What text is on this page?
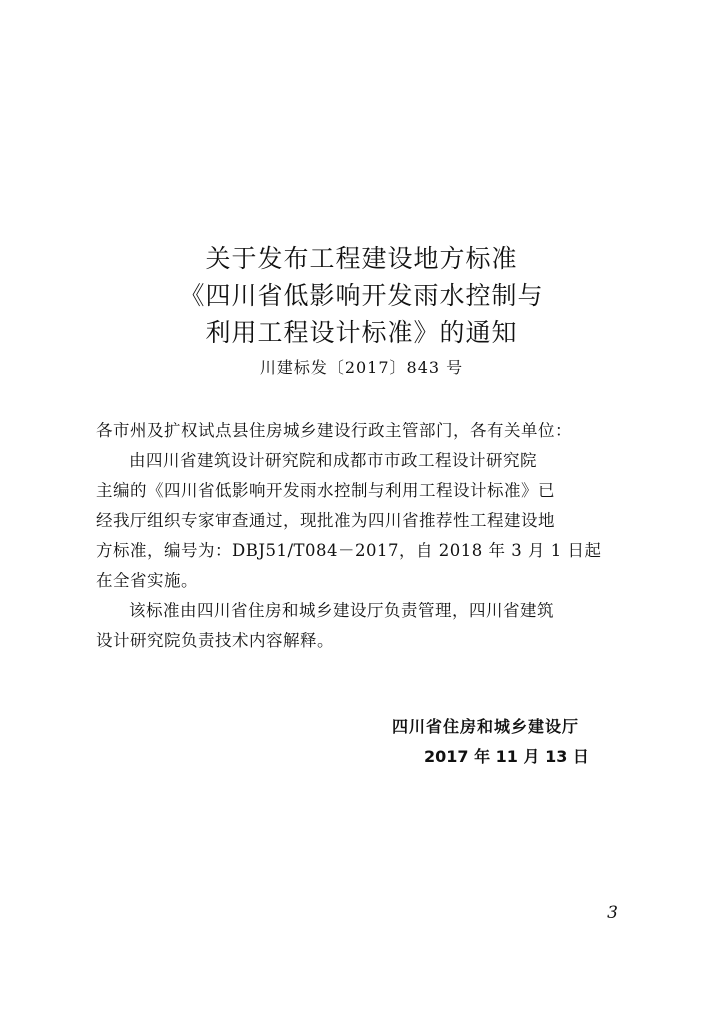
关于发布工程建设地方标准
《四川省低影响开发雨水控制与
利用工程设计标准》的通知
川建标发〔2017〕843 号
各市州及扩权试点县住房城乡建设行政主管部门，各有关单位：
由四川省建筑设计研究院和成都市市政工程设计研究院
主编的《四川省低影响开发雨水控制与利用工程设计标准》已
经我厅组织专家审查通过，现批准为四川省推荐性工程建设地
方标准，编号为：DBJ51/T084－2017，自 2018 年 3 月 1 日起
在全省实施。
该标准由四川省住房和城乡建设厅负责管理，四川省建筑
设计研究院负责技术内容解释。
四川省住房和城乡建设厅
2017 年 11 月 13 日
3
